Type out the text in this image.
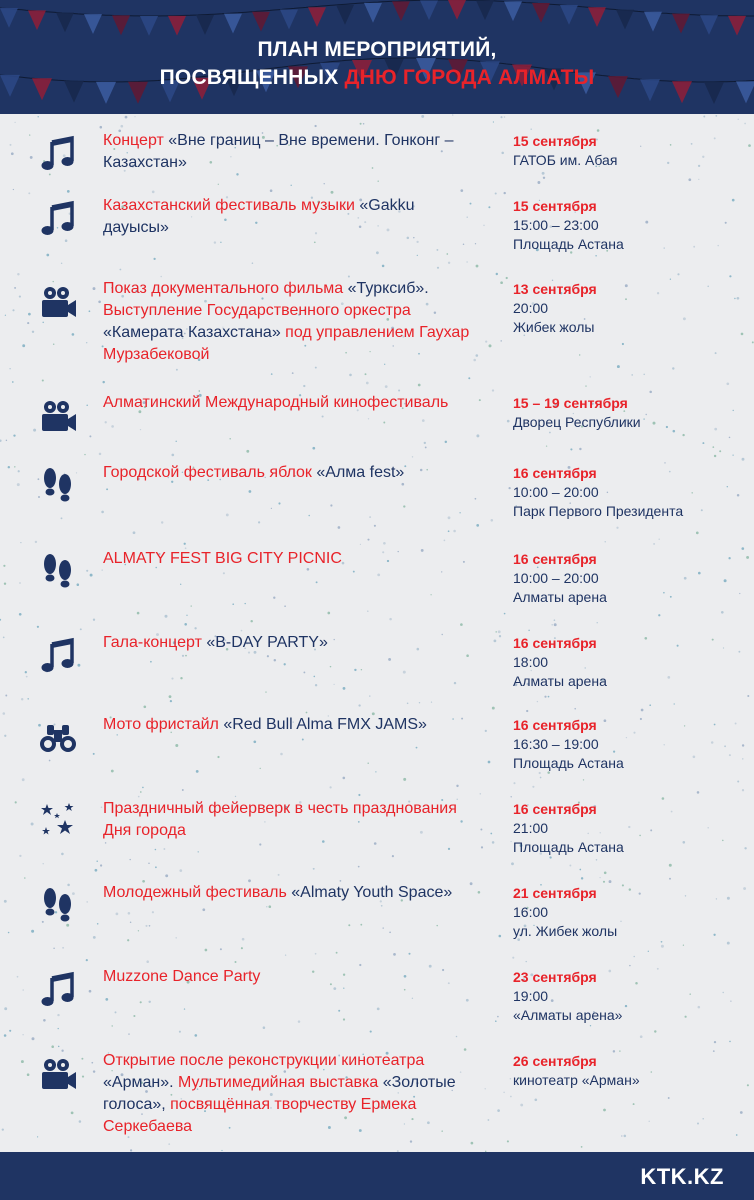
ПЛАН МЕРОПРИЯТИЙ,
ПОСВЯЩЕННЫХ ДНЮ ГОРОДА АЛМАТЫ
Концерт «Вне границ – Вне времени. Гонконг – Казахстан»
15 сентября
ГАТОБ им. Абая
Казахстанский фестиваль музыки «Gakku дауысы»
15 сентября
15:00 – 23:00
Площадь Астана
Показ документального фильма «Турксиб». Выступление Государственного оркестра «Камерата Казахстана» под управлением Гаухар Мурзабековой
13 сентября
20:00
Жибек жолы
Алматинский Международный кинофестиваль	15 – 19 сентября
Дворец Республики
Городской фестиваль яблок «Алма fest»	16 сентября
10:00 – 20:00
Парк Первого Президента
ALMATY FEST BIG CITY PICNIC	16 сентября
10:00 – 20:00
Алматы арена
Гала-концерт «B-DAY PARTY»	16 сентября
18:00
Алматы арена
Мото фристайл «Red Bull Alma FMX JAMS»	16 сентября
16:30 – 19:00
Площадь Астана
Праздничный фейерверк в честь празднования Дня города
16 сентября
21:00
Площадь Астана
Молодежный фестиваль «Almaty Youth Space»	21 сентября
16:00
ул. Жибек жолы
Muzzone Dance Party	23 сентября
19:00
«Алматы арена»
Открытие после реконструкции кинотеатра «Арман». Мультимедийная выставка «Золотые голоса», посвящённая творчеству Ермека Серкебаева
26 сентября
кинотеатр «Арман»
KTK.KZ
